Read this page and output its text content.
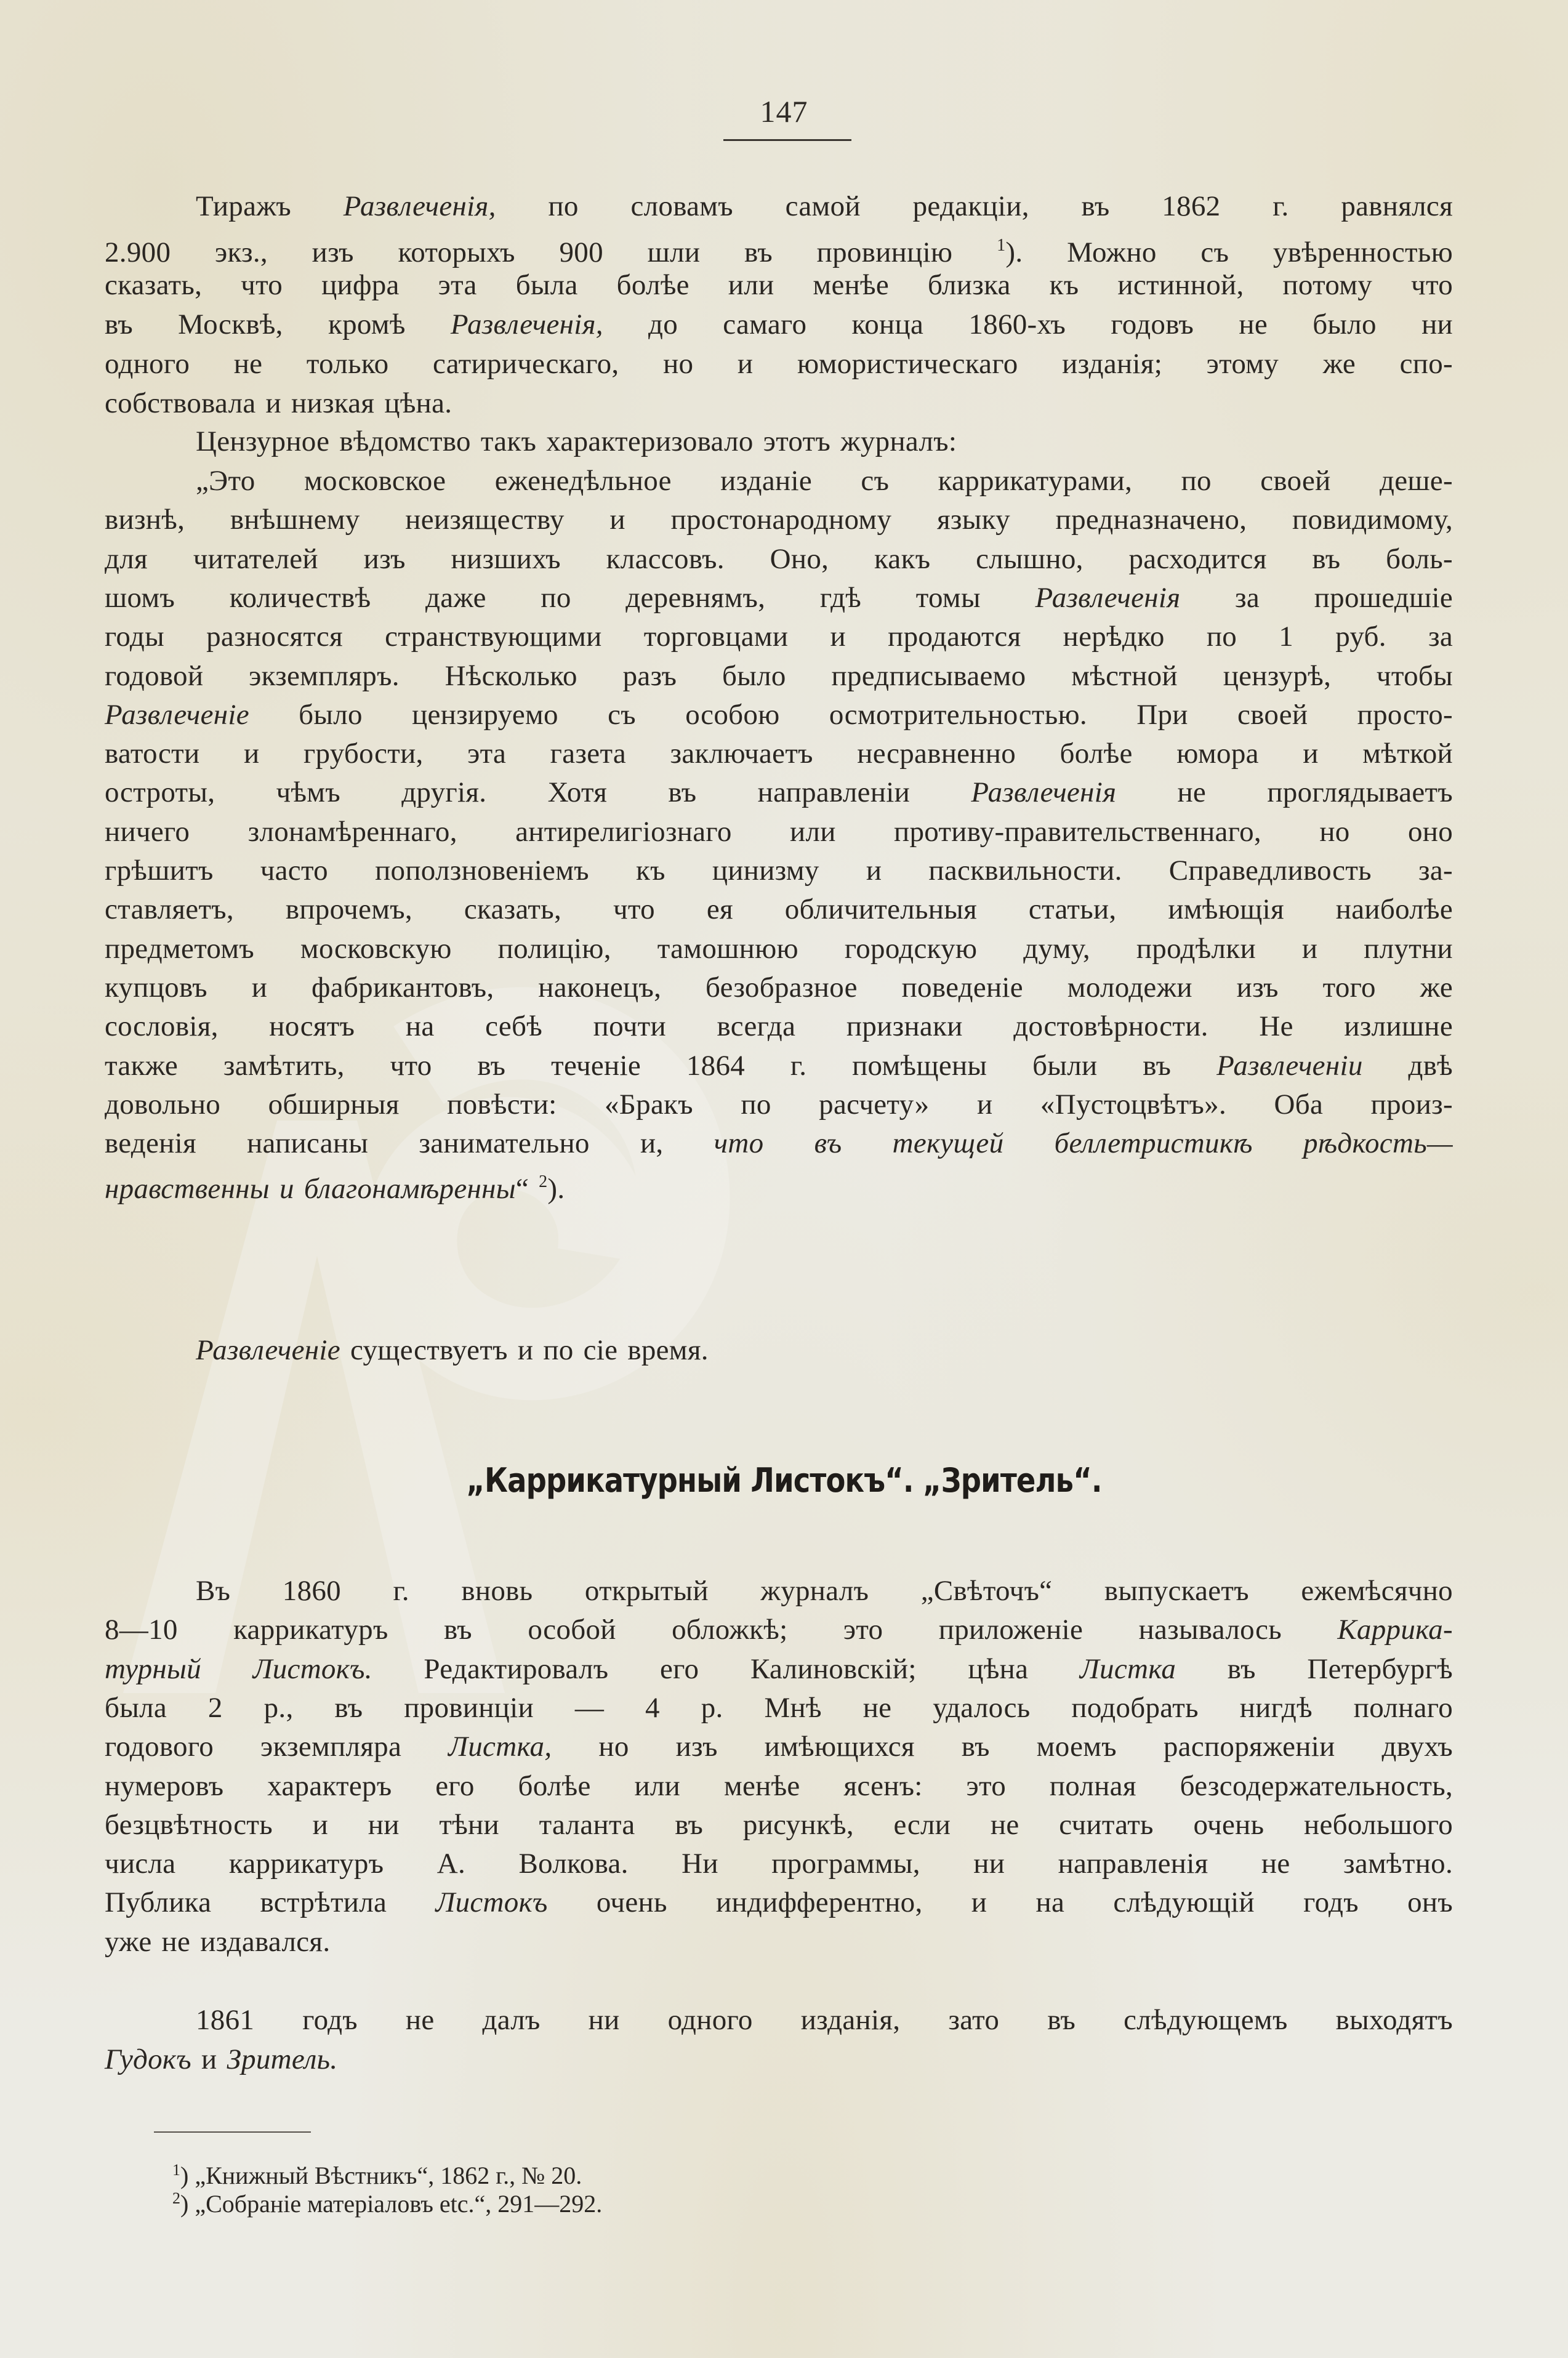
147
Тиражъ Развлеченія, по словамъ самой редакціи, въ 1862 г. равнялся
2.900 экз., изъ которыхъ 900 шли въ провинцію $^1$). Можно съ увѣренностью
сказать, что цифра эта была болѣе или менѣе близка къ истинной, потому что
въ Москвѣ, кромѣ Развлеченія, до самаго конца 1860-хъ годовъ не было ни
одного не только сатирическаго, но и юмористическаго изданія; этому же спо-
собствовала и низкая цѣна.
Цензурное вѣдомство такъ характеризовало этотъ журналъ:
„Это московское еженедѣльное изданіе съ каррикатурами, по своей деше-
визнѣ, внѣшнему неизяществу и простонародному языку предназначено, повидимому,
для читателей изъ низшихъ классовъ. Оно, какъ слышно, расходится въ боль-
шомъ количествѣ даже по деревнямъ, гдѣ томы Развлеченія за прошедшіе
годы разносятся странствующими торговцами и продаются нерѣдко по 1 руб. за
годовой экземпляръ. Нѣсколько разъ было предписываемо мѣстной цензурѣ, чтобы
Развлеченіе было цензируемо съ особою осмотрительностью. При своей просто-
ватости и грубости, эта газета заключаетъ несравненно болѣе юмора и мѣткой
остроты, чѣмъ другія. Хотя въ направленіи Развлеченія не проглядываетъ
ничего злонамѣреннаго, антирелигіознаго или противу-правительственнаго, но оно
грѣшитъ часто поползновеніемъ къ цинизму и пасквильности. Справедливость за-
ставляетъ, впрочемъ, сказать, что ея обличительныя статьи, имѣющія наиболѣе
предметомъ московскую полицію, тамошнюю городскую думу, продѣлки и плутни
купцовъ и фабрикантовъ, наконецъ, безобразное поведеніе молодежи изъ того же
сословія, носятъ на себѣ почти всегда признаки достовѣрности. Не излишне
также замѣтить, что въ теченіе 1864 г. помѣщены были въ Развлеченіи двѣ
довольно обширныя повѣсти: «Бракъ по расчету» и «Пустоцвѣтъ». Оба произ-
веденія написаны занимательно и, что въ текущей беллетристикѣ рѣдкость—
нравственны и благонамѣренны“ $^2$).
Развлеченіе существуетъ и по сіе время.
Въ 1860 г. вновь открытый журналъ „Свѣточъ“ выпускаетъ ежемѣсячно
8—10 каррикатуръ въ особой обложкѣ; это приложеніе называлось Каррика-
турный Листокъ. Редактировалъ его Калиновскій; цѣна Листка въ Петербургѣ
была 2 р., въ провинціи — 4 р. Мнѣ не удалось подобрать нигдѣ полнаго
годового экземпляра Листка, но изъ имѣющихся въ моемъ распоряженіи двухъ
нумеровъ характеръ его болѣе или менѣе ясенъ: это полная безсодержательность,
безцвѣтность и ни тѣни таланта въ рисункѣ, если не считать очень небольшого
числа каррикатуръ А. Волкова. Ни программы, ни направленія не замѣтно.
Публика встрѣтила Листокъ очень индифферентно, и на слѣдующій годъ онъ
уже не издавался.
1861 годъ не далъ ни одного изданія, зато въ слѣдующемъ выходятъ
Гудокъ и Зритель.
„Каррикатурный Листокъ“. „Зритель“.
$^1$) „Книжный Вѣстникъ“, 1862 г., № 20.
$^2$) „Собраніе матеріаловъ etc.“, 291—292.
